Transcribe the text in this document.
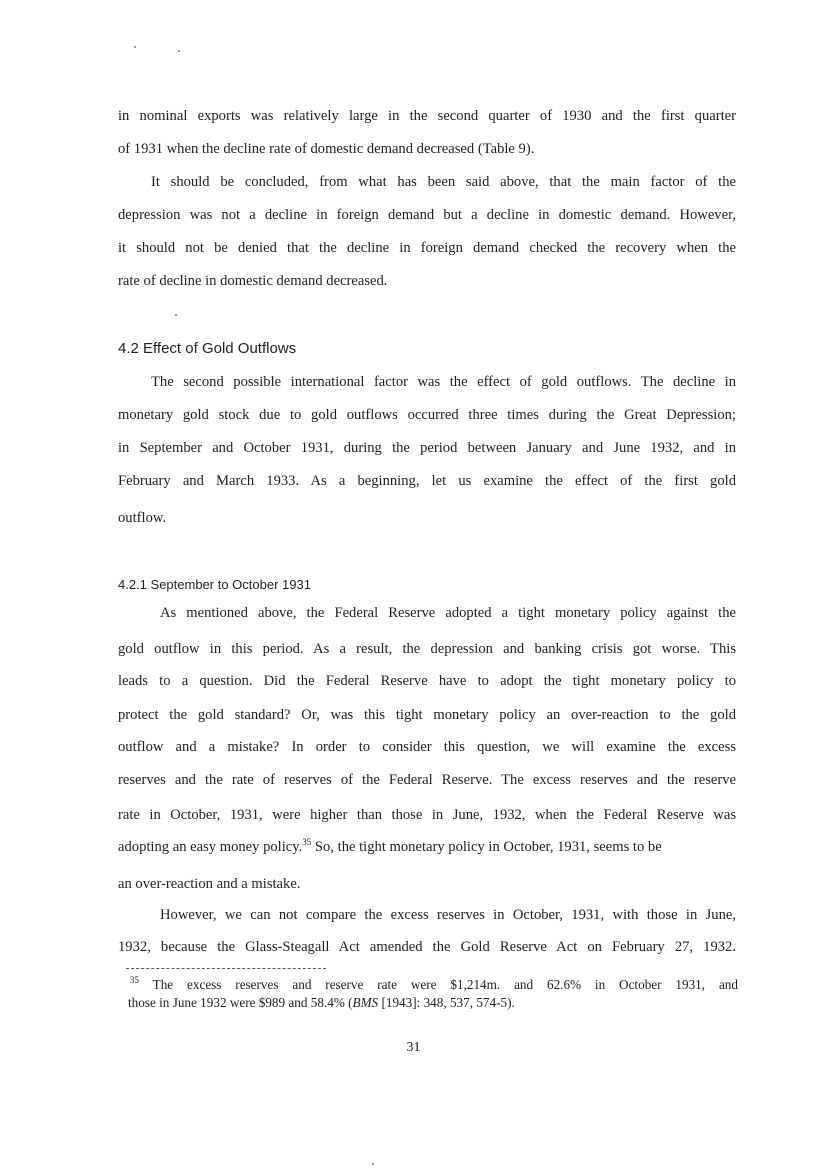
in nominal exports was relatively large in the second quarter of 1930 and the first quarter
of 1931 when the decline rate of domestic demand decreased (Table 9).
It should be concluded, from what has been said above, that the main factor of the
depression was not a decline in foreign demand but a decline in domestic demand. However,
it should not be denied that the decline in foreign demand checked the recovery when the
rate of decline in domestic demand decreased.
4.2 Effect of Gold Outflows
The second possible international factor was the effect of gold outflows. The decline in
monetary gold stock due to gold outflows occurred three times during the Great Depression;
in September and October 1931, during the period between January and June 1932, and in
February and March 1933. As a beginning, let us examine the effect of the first gold
outflow.
4.2.1 September to October 1931
As mentioned above, the Federal Reserve adopted a tight monetary policy against the
gold outflow in this period. As a result, the depression and banking crisis got worse. This
leads to a question. Did the Federal Reserve have to adopt the tight monetary policy to
protect the gold standard? Or, was this tight monetary policy an over-reaction to the gold
outflow and a mistake? In order to consider this question, we will examine the excess
reserves and the rate of reserves of the Federal Reserve. The excess reserves and the reserve
rate in October, 1931, were higher than those in June, 1932, when the Federal Reserve was
adopting an easy money policy.$^{35}$ So, the tight monetary policy in October, 1931, seems to be
an over-reaction and a mistake.
However, we can not compare the excess reserves in October, 1931, with those in June,
1932, because the Glass-Steagall Act amended the Gold Reserve Act on February 27, 1932.
$^{35}$ The excess reserves and reserve rate were $1,214m. and 62.6% in October 1931, and
those in June 1932 were $989 and 58.4% (BMS [1943]: 348, 537, 574-5).
31
